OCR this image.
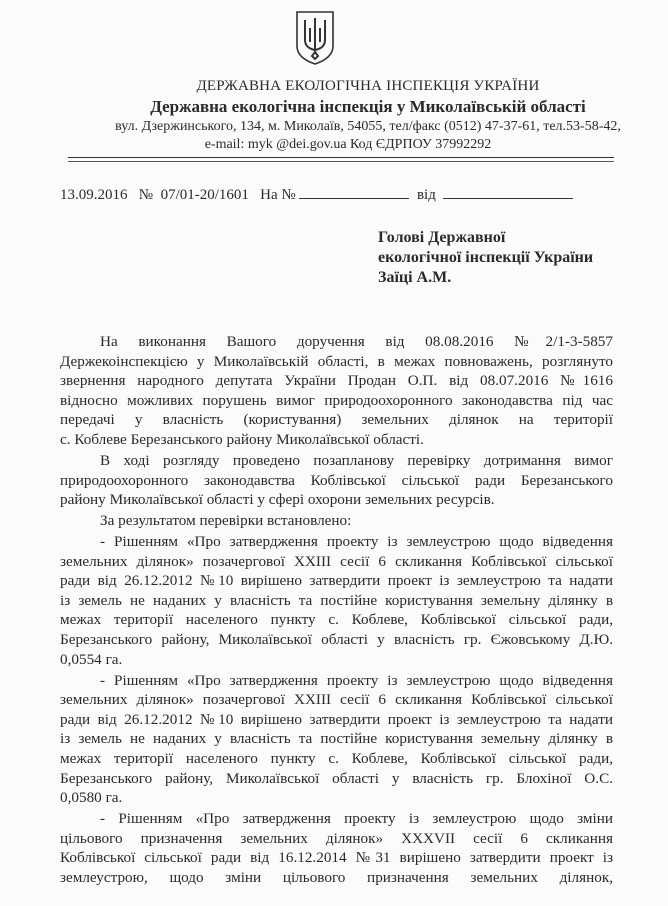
ДЕРЖАВНА ЕКОЛОГІЧНА ІНСПЕКЦІЯ УКРАЇНИ
Державна екологічна інспекція у Миколаївській області
вул. Дзержинського, 134, м. Миколаїв, 54055, тел/факс (0512) 47-37-61, тел.53-58-42,
e-mail: myk @dei.gov.ua Код ЄДРПОУ 37992292
13.09.2016 № 07/01-20/1601 На №	від
Голові Державної
екологічної інспекції України
Заїці А.М.
На виконання Вашого доручення від 08.08.2016 №2/1-3-5857
Держекоінспекцією у Миколаївській області, в межах повноважень, розглянуто
звернення народного депутата України Продан О.П. від 08.07.2016 №1616
відносно можливих порушень вимог природоохоронного законодавства під час
передачі у власність (користування) земельних ділянок на території
с. Коблеве Березанського району Миколаївської області.
В ході розгляду проведено позапланову перевірку дотримання вимог
природоохоронного законодавства Коблівської сільської ради Березанського
району Миколаївської області у сфері охорони земельних ресурсів.
За результатом перевірки встановлено:
- Рішенням «Про затвердження проекту із землеустрою щодо відведення
земельних ділянок» позачергової XXIII сесії 6 скликання Коблівської сільської
ради від 26.12.2012 №10 вирішено затвердити проект із землеустрою та надати
із земель не наданих у власність та постійне користування земельну ділянку в
межах території населеного пункту с. Коблеве, Коблівської сільської ради,
Березанського району, Миколаївської області у власність гр. Єжовському Д.Ю.
0,0554 га.
- Рішенням «Про затвердження проекту із землеустрою щодо відведення
земельних ділянок» позачергової XXIII сесії 6 скликання Коблівської сільської
ради від 26.12.2012 №10 вирішено затвердити проект із землеустрою та надати
із земель не наданих у власність та постійне користування земельну ділянку в
межах території населеного пункту с. Коблеве, Коблівської сільської ради,
Березанського району, Миколаївської області у власність гр. Блохіної О.С.
0,0580 га.
- Рішенням «Про затвердження проекту із землеустрою щодо зміни
цільового призначення земельних ділянок» XXXVII сесії 6 скликання
Коблівської сільської ради від 16.12.2014 №31 вирішено затвердити проект із
землеустрою, щодо зміни цільового призначення земельних ділянок,
